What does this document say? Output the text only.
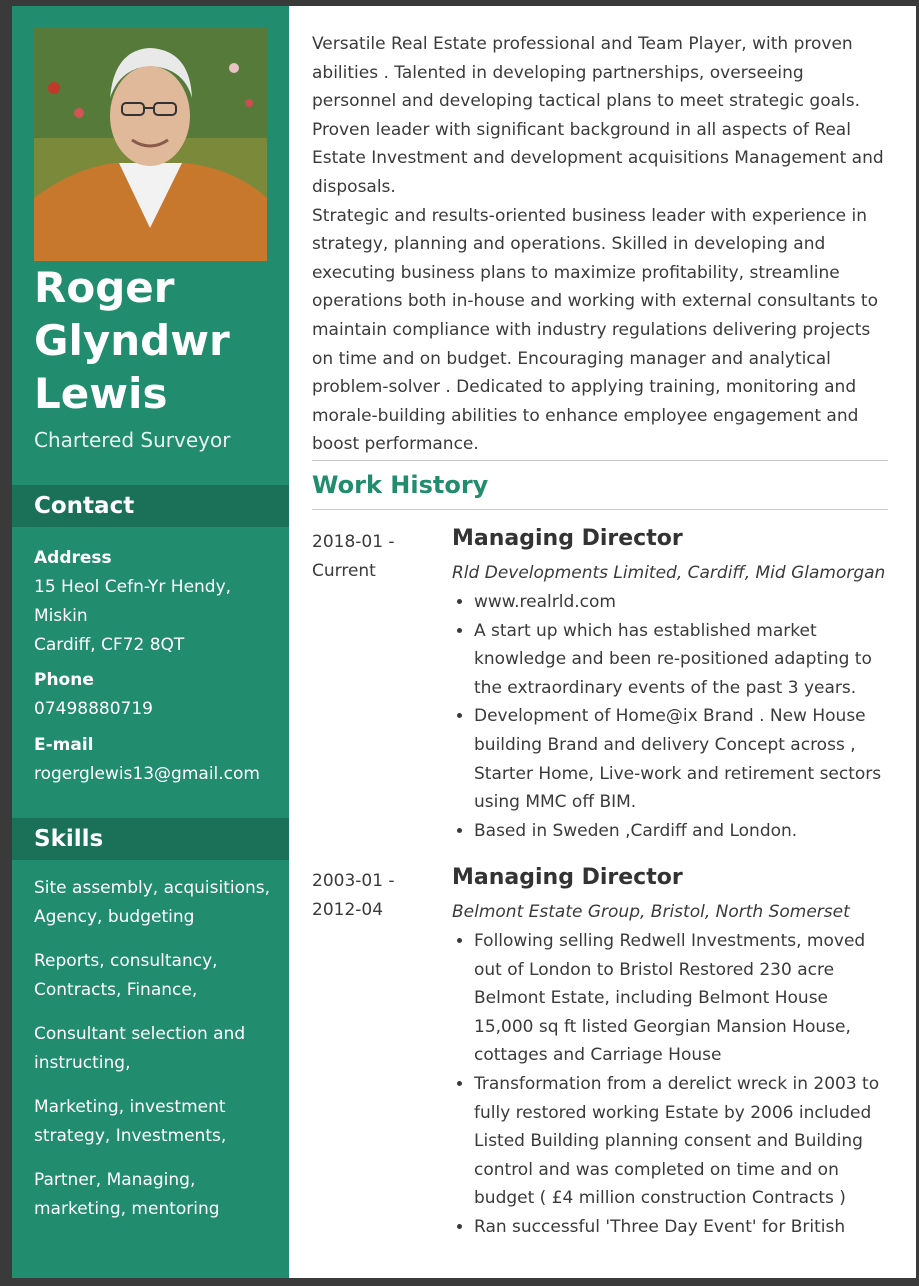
Roger
Glyndwr
Lewis
Chartered Surveyor
Contact
Address
15 Heol Cefn-Yr Hendy,
Miskin
Cardiff, CF72 8QT
Phone
07498880719
E-mail
rogerglewis13@gmail.com
Skills
Site assembly, acquisitions, Agency, budgeting
Reports, consultancy, Contracts, Finance,
Consultant selection and instructing,
Marketing, investment strategy, Investments,
Partner, Managing, marketing, mentoring

Versatile Real Estate professional and Team Player, with proven abilities . Talented in developing partnerships, overseeing personnel and developing tactical plans to meet strategic goals. Proven leader with significant background in all aspects of Real Estate Investment and development acquisitions Management and disposals.

Strategic and results-oriented business leader with experience in strategy, planning and operations. Skilled in developing and executing business plans to maximize profitability, streamline operations both in-house and working with external consultants to maintain compliance with industry regulations delivering projects on time and on budget. Encouraging manager and analytical problem-solver . Dedicated to applying training, monitoring and morale-building abilities to enhance employee engagement and boost performance.

Work History
2018-01 -
Current
Managing Director
Rld Developments Limited, Cardiff, Mid Glamorgan
• www.realrld.com
• A start up which has established market knowledge and been re-positioned adapting to the extraordinary events of the past 3 years.
• Development of Home@ix Brand . New House building Brand and delivery Concept across , Starter Home, Live-work and retirement sectors using MMC off BIM.
• Based in Sweden ,Cardiff and London.
2003-01 -
2012-04
Managing Director
Belmont Estate Group, Bristol, North Somerset
• Following selling Redwell Investments, moved out of London to Bristol Restored 230 acre Belmont Estate, including Belmont House 15,000 sq ft listed Georgian Mansion House, cottages and Carriage House
• Transformation from a derelict wreck in 2003 to fully restored working Estate by 2006 included Listed Building planning consent and Building control and was completed on time and on budget ( £4 million construction Contracts )
• Ran successful 'Three Day Event' for British
